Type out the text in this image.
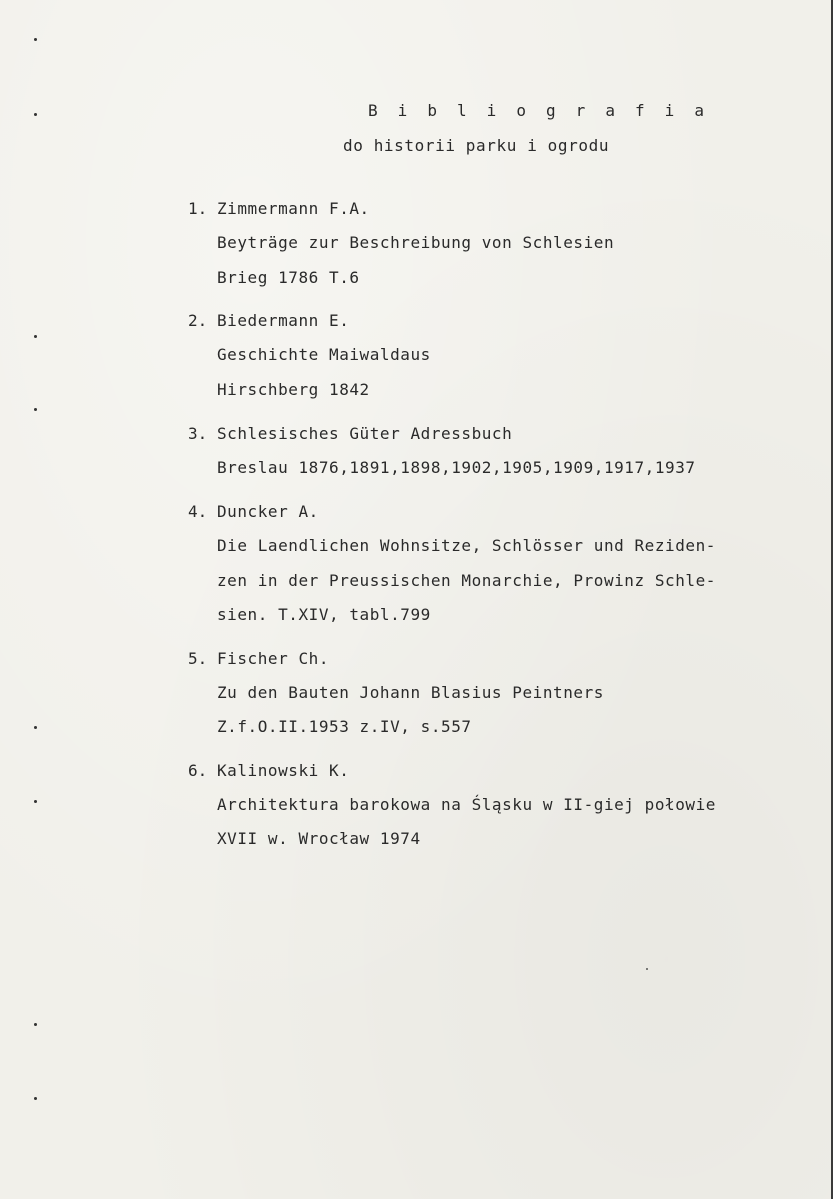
B i b l i o g r a f i a
do historii parku i ogrodu
1. Zimmermann F.A.
Beyträge zur Beschreibung von Schlesien
Brieg 1786 T.6
2. Biedermann E.
Geschichte Maiwaldaus
Hirschberg 1842
3. Schlesisches Güter Adressbuch
Breslau 1876,1891,1898,1902,1905,1909,1917,1937
4. Duncker A.
Die Laendlichen Wohnsitze, Schlösser und Reziden-
zen in der Preussischen Monarchie, Prowinz Schle-
sien. T.XIV, tabl.799
5. Fischer Ch.
Zu den Bauten Johann Blasius Peintners
Z.f.O.II.1953 z.IV, s.557
6. Kalinowski K.
Architektura barokowa na Śląsku w II-giej połowie
XVII w. Wrocław 1974
